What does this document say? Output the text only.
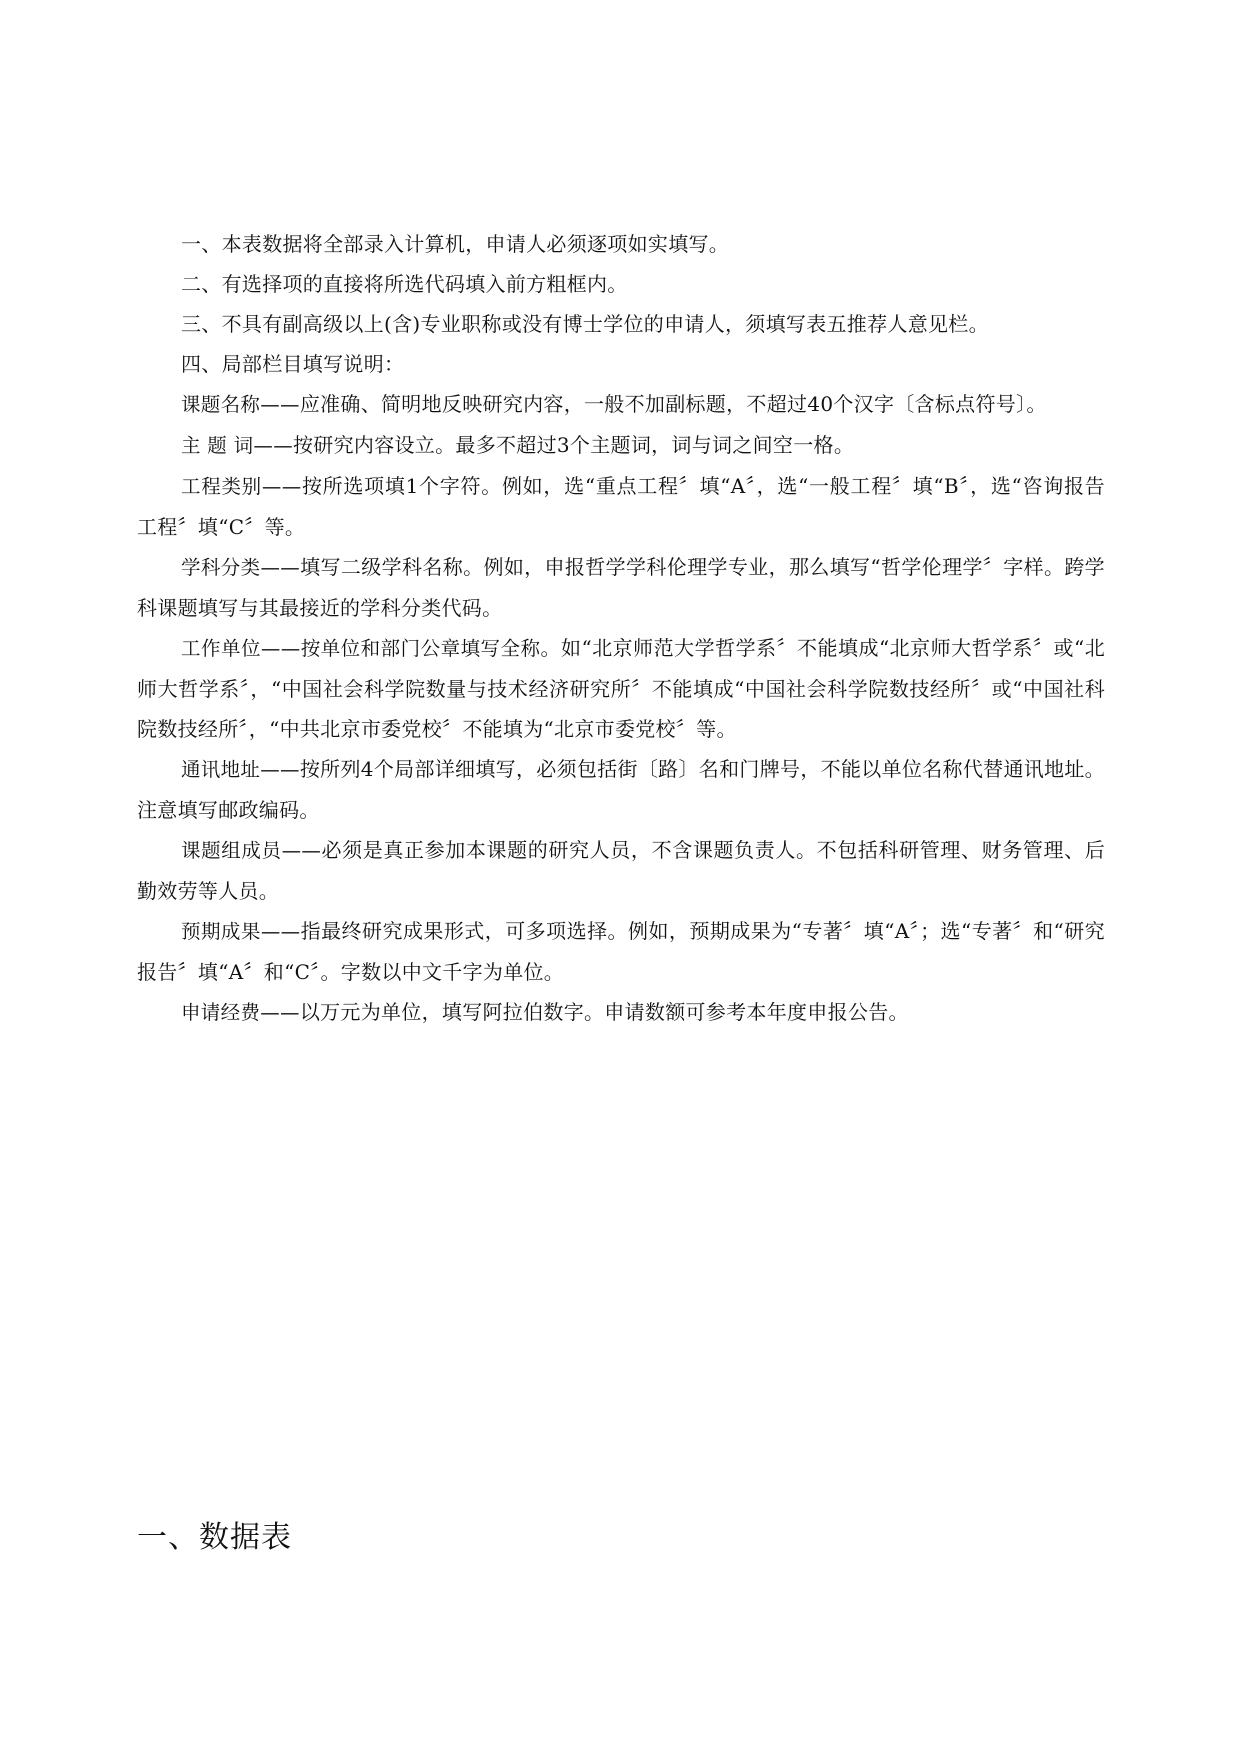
一、本表数据将全部录入计算机，申请人必须逐项如实填写。

二、有选择项的直接将所选代码填入前方粗框内。

三、不具有副高级以上(含)专业职称或没有博士学位的申请人，须填写表五推荐人意见栏。

四、局部栏目填写说明：

课题名称——应准确、简明地反映研究内容，一般不加副标题，不超过40个汉字〔含标点符号〕。

主 题 词——按研究内容设立。最多不超过3个主题词，词与词之间空一格。

工程类别——按所选项填1个字符。例如，选“重点工程〞填“A〞，选“一般工程〞填“B〞，选“咨询报告工程〞填“C〞等。

学科分类——填写二级学科名称。例如，申报哲学学科伦理学专业，那么填写“哲学伦理学〞字样。跨学科课题填写与其最接近的学科分类代码。

工作单位——按单位和部门公章填写全称。如“北京师范大学哲学系〞不能填成“北京师大哲学系〞或“北师大哲学系〞，“中国社会科学院数量与技术经济研究所〞不能填成“中国社会科学院数技经所〞或“中国社科院数技经所〞，“中共北京市委党校〞不能填为“北京市委党校〞等。

通讯地址——按所列4个局部详细填写，必须包括街〔路〕名和门牌号，不能以单位名称代替通讯地址。注意填写邮政编码。

课题组成员——必须是真正参加本课题的研究人员，不含课题负责人。不包括科研管理、财务管理、后勤效劳等人员。

预期成果——指最终研究成果形式，可多项选择。例如，预期成果为“专著〞填“A〞；选“专著〞和“研究报告〞填“A〞和“C〞。字数以中文千字为单位。

申请经费——以万元为单位，填写阿拉伯数字。申请数额可参考本年度申报公告。

一、数据表
